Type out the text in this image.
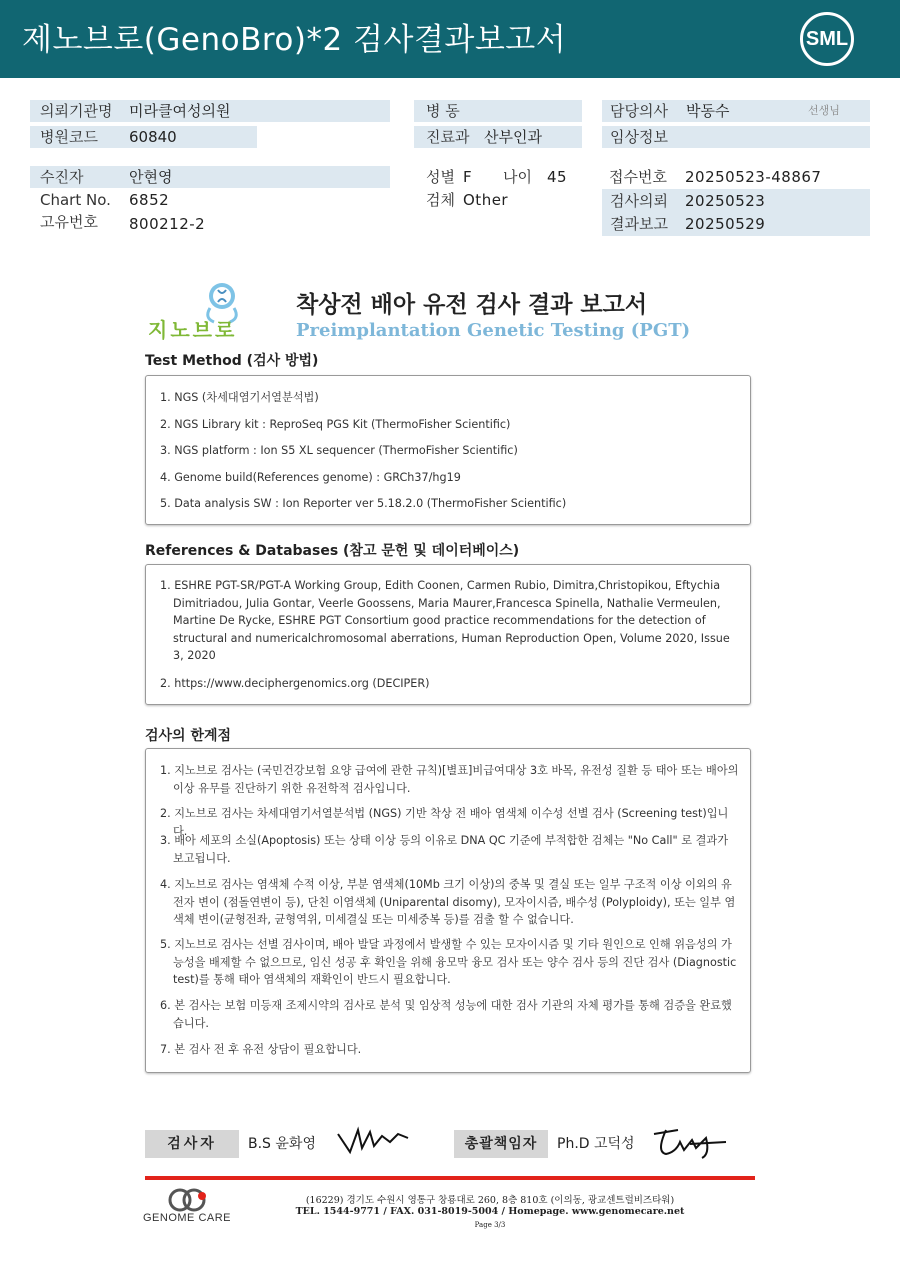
제노브로(GenoBro)*2 검사결과보고서	SML
의뢰기관명 미라클여성의원	병 동	담당의사 박동수	선생님
병원코드 60840	진료과 산부인과	임상정보
수진자	안현영	성별 F 나이 45	접수번호 20250523-48867
Chart No. 6852	검체 Other	검사의뢰 20250523
결과보고 20250529
고유번호 800212-2
지노브로
착상전 배아 유전 검사 결과 보고서
Preimplantation Genetic Testing (PGT)
Test Method (검사 방법)
1. NGS (차세대염기서열분석법)
2. NGS Library kit : ReproSeq PGS Kit (ThermoFisher Scientific)
3. NGS platform : Ion S5 XL sequencer (ThermoFisher Scientific)
4. Genome build(References genome) : GRCh37/hg19
5. Data analysis SW : Ion Reporter ver 5.18.2.0 (ThermoFisher Scientific)
References & Databases (참고 문헌 및 데이터베이스)
1. ESHRE PGT-SR/PGT-A Working Group, Edith Coonen, Carmen Rubio, Dimitra,Christopikou, Eftychia Dimitriadou, Julia Gontar, Veerle Goossens, Maria Maurer,Francesca Spinella, Nathalie Vermeulen, Martine De Rycke, ESHRE PGT Consortium good practice recommendations for the detection of structural and numericalchromosomal aberrations, Human Reproduction Open, Volume 2020, Issue 3, 2020
2. https://www.deciphergenomics.org (DECIPER)
검사의 한계점
1. 지노브로 검사는 (국민건강보험 요양 급여에 관한 규칙)[별표]비급여대상 3호 바목, 유전성 질환 등 태아 또는 배아의 이상 유무를 진단하기 위한 유전학적 검사입니다.
2. 지노브로 검사는 차세대염기서열분석법 (NGS) 기반 착상 전 배아 염색체 이수성 선별 검사 (Screening test)입니다.
3. 배아 세포의 소실(Apoptosis) 또는 상태 이상 등의 이유로 DNA QC 기준에 부적합한 검체는 "No Call" 로 결과가 보고됩니다.
4. 지노브로 검사는 염색체 수적 이상, 부분 염색체(10Mb 크기 이상)의 중복 및 결실 또는 일부 구조적 이상 이외의 유전자 변이 (점돌연변이 등), 단친 이염색체 (Uniparental disomy), 모자이시즘, 배수성 (Polyploidy), 또는 일부 염색체 변이(균형전좌, 균형역위, 미세결실 또는 미세중복 등)를 검출 할 수 없습니다.
5. 지노브로 검사는 선별 검사이며, 배아 발달 과정에서 발생할 수 있는 모자이시즘 및 기타 원인으로 인해 위음성의 가능성을 배제할 수 없으므로, 임신 성공 후 확인을 위해 융모막 융모 검사 또는 양수 검사 등의 진단 검사 (Diagnostic test)를 통해 태아 염색체의 재확인이 반드시 필요합니다.
6. 본 검사는 보험 미등재 조제시약의 검사로 분석 및 임상적 성능에 대한 검사 기관의 자체 평가를 통해 검증을 완료했습니다.
7. 본 검사 전 후 유전 상담이 필요합니다.
검사자	B.S 윤화영	총괄책임자	Ph.D 고덕성
GENOME CARE
(16229) 경기도 수원시 영통구 창룡대로 260, 8층 810호 (이의동, 광교센트럴비즈타워)
TEL. 1544-9771 / FAX. 031-8019-5004 / Homepage. www.genomecare.net
Page 3/3
